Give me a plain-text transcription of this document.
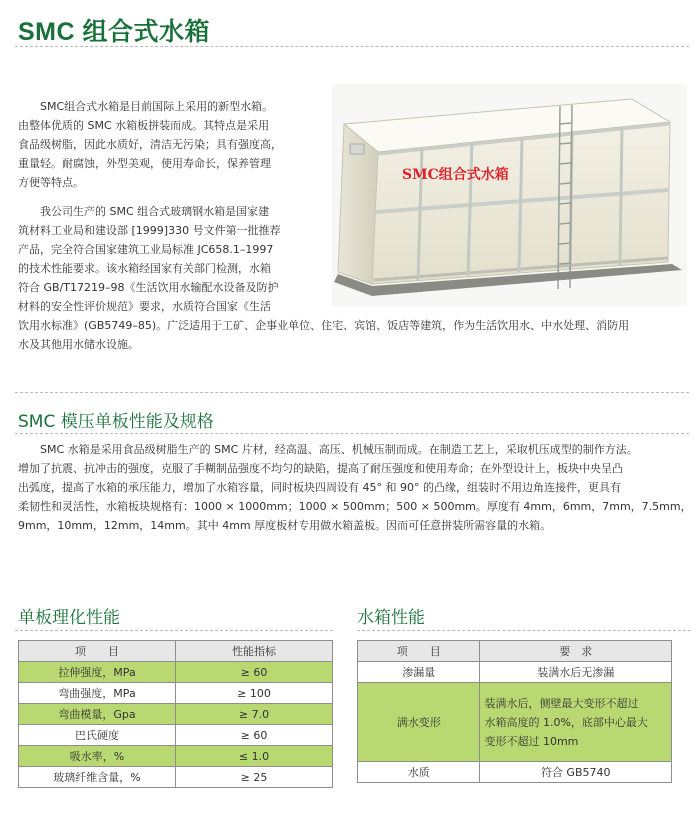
SMC 组合式水箱
SMC组合式水箱是目前国际上采用的新型水箱。
由整体优质的 SMC 水箱板拼装而成。其特点是采用
食品级树脂，因此水质好，清洁无污染；具有强度高，
重量轻。耐腐蚀，外型美观，使用寿命长，保养管理
方便等特点。
我公司生产的 SMC 组合式玻璃钢水箱是国家建
筑材料工业局和建设部 [1999]330 号文件第一批推荐
产品，完全符合国家建筑工业局标准 JC658.1–1997
的技术性能要求。该水箱经国家有关部门检测，水箱
符合 GB/T17219–98《生活饮用水输配水设备及防护
材料的安全性评价规范》要求，水质符合国家《生活
饮用水标准》(GB5749–85)。广泛适用于工矿、企事业单位、住宅、宾馆、饭店等建筑，作为生活饮用水、中水处理、消防用
水及其他用水储水设施。
SMC组合式水箱
SMC 模压单板性能及规格
SMC 水箱是采用食品级树脂生产的 SMC 片材，经高温、高压、机械压制而成。在制造工艺上，采取机压成型的制作方法。
增加了抗震、抗冲击的强度，克服了手糊制品强度不均匀的缺陷，提高了耐压强度和使用寿命；在外型设计上，板块中央呈凸
出弧度，提高了水箱的承压能力，增加了水箱容量，同时板块四周设有 45° 和 90° 的凸缘，组装时不用边角连接件，更具有
柔韧性和灵活性，水箱板块规格有：1000 × 1000mm；1000 × 500mm；500 × 500mm。厚度有 4mm，6mm，7mm，7.5mm，
9mm，10mm，12mm，14mm。其中 4mm 厚度板材专用做水箱盖板。因而可任意拼装所需容量的水箱。
单板理化性能
项　　目	性能指标
拉伸强度，MPa	≥ 60
弯曲强度，MPa	≥ 100
弯曲模量，Gpa	≥ 7.0
巴氏硬度	≥ 60
吸水率，%	≤ 1.0
玻璃纤维含量，%	≥ 25
水箱性能
项　　目	要　求
渗漏量	装满水后无渗漏
满水变形	装满水后，侧壁最大变形不超过
水箱高度的 1.0%，底部中心最大
变形不超过 10mm

水质	符合 GB5740
